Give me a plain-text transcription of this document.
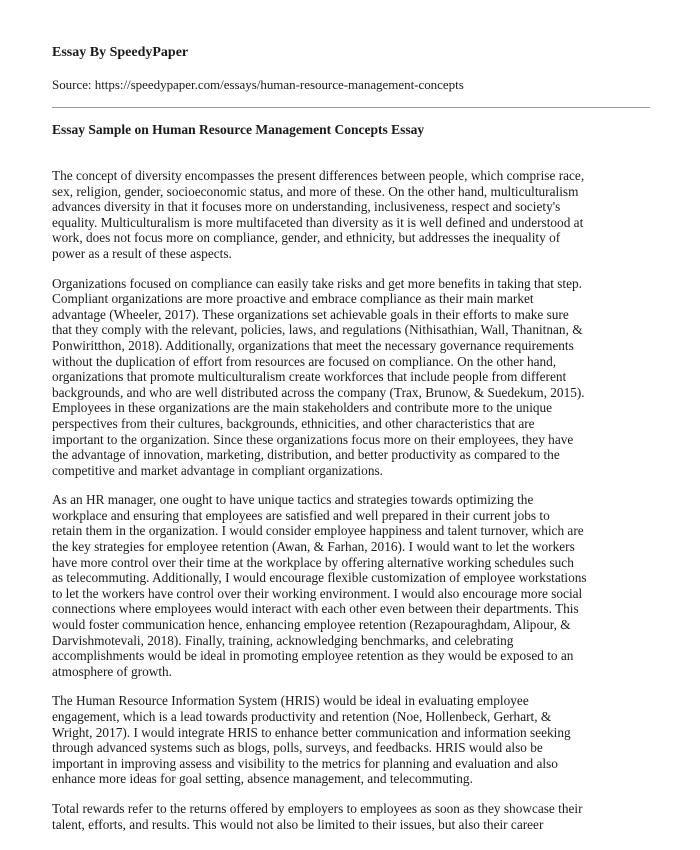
Essay By SpeedyPaper

Source: https://speedypaper.com/essays/human-resource-management-concepts
Essay Sample on Human Resource Management Concepts Essay

The concept of diversity encompasses the present differences between people, which comprise race,
sex, religion, gender, socioeconomic status, and more of these. On the other hand, multiculturalism
advances diversity in that it focuses more on understanding, inclusiveness, respect and society's
equality. Multiculturalism is more multifaceted than diversity as it is well defined and understood at
work, does not focus more on compliance, gender, and ethnicity, but addresses the inequality of
power as a result of these aspects.

Organizations focused on compliance can easily take risks and get more benefits in taking that step.
Compliant organizations are more proactive and embrace compliance as their main market
advantage (Wheeler, 2017). These organizations set achievable goals in their efforts to make sure
that they comply with the relevant, policies, laws, and regulations (Nithisathian, Wall, Thanitnan, &
Ponwiritthon, 2018). Additionally, organizations that meet the necessary governance requirements
without the duplication of effort from resources are focused on compliance. On the other hand,
organizations that promote multiculturalism create workforces that include people from different
backgrounds, and who are well distributed across the company (Trax, Brunow, & Suedekum, 2015).
Employees in these organizations are the main stakeholders and contribute more to the unique
perspectives from their cultures, backgrounds, ethnicities, and other characteristics that are
important to the organization. Since these organizations focus more on their employees, they have
the advantage of innovation, marketing, distribution, and better productivity as compared to the
competitive and market advantage in compliant organizations.

As an HR manager, one ought to have unique tactics and strategies towards optimizing the
workplace and ensuring that employees are satisfied and well prepared in their current jobs to
retain them in the organization. I would consider employee happiness and talent turnover, which are
the key strategies for employee retention (Awan, & Farhan, 2016). I would want to let the workers
have more control over their time at the workplace by offering alternative working schedules such
as telecommuting. Additionally, I would encourage flexible customization of employee workstations
to let the workers have control over their working environment. I would also encourage more social
connections where employees would interact with each other even between their departments. This
would foster communication hence, enhancing employee retention (Rezapouraghdam, Alipour, &
Darvishmotevali, 2018). Finally, training, acknowledging benchmarks, and celebrating
accomplishments would be ideal in promoting employee retention as they would be exposed to an
atmosphere of growth.

The Human Resource Information System (HRIS) would be ideal in evaluating employee
engagement, which is a lead towards productivity and retention (Noe, Hollenbeck, Gerhart, &
Wright, 2017). I would integrate HRIS to enhance better communication and information seeking
through advanced systems such as blogs, polls, surveys, and feedbacks. HRIS would also be
important in improving assess and visibility to the metrics for planning and evaluation and also
enhance more ideas for goal setting, absence management, and telecommuting.

Total rewards refer to the returns offered by employers to employees as soon as they showcase their
talent, efforts, and results. This would not also be limited to their issues, but also their career
